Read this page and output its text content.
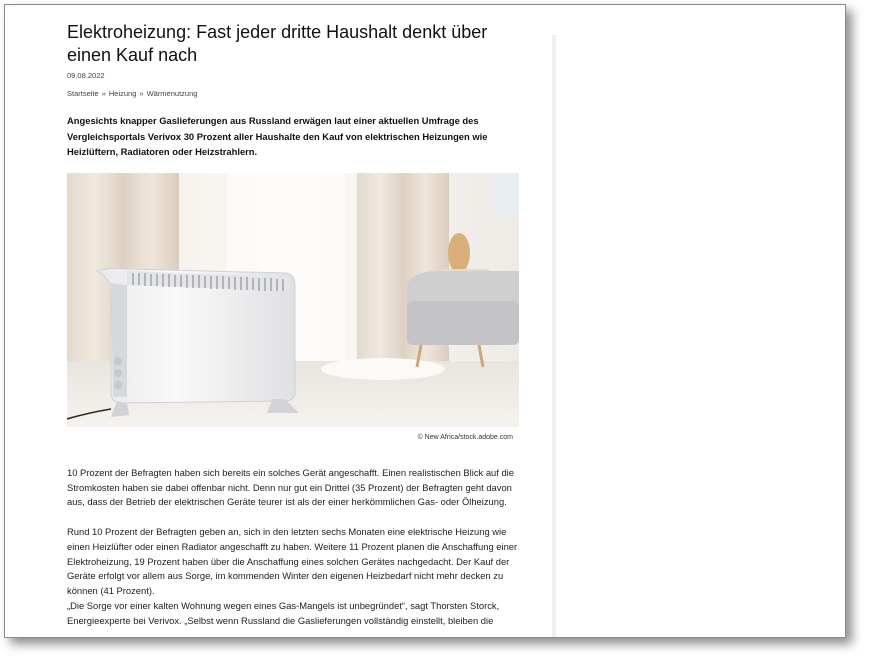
Elektroheizung: Fast jeder dritte Haushalt denkt über einen Kauf nach
09.08.2022
Startseite » Heizung » Wärmenutzung
Angesichts knapper Gaslieferungen aus Russland erwägen laut einer aktuellen Umfrage des Vergleichsportals Verivox 30 Prozent aller Haushalte den Kauf von elektrischen Heizungen wie Heizlüftern, Radiatoren oder Heizstrahlern.
© New Africa/stock.adobe.com

10 Prozent der Befragten haben sich bereits ein solches Gerät angeschafft. Einen realistischen Blick auf die Stromkosten haben sie dabei offenbar nicht. Denn nur gut ein Drittel (35 Prozent) der Befragten geht davon aus, dass der Betrieb der elektrischen Geräte teurer ist als der einer herkömmlichen Gas- oder Ölheizung.

Rund 10 Prozent der Befragten geben an, sich in den letzten sechs Monaten eine elektrische Heizung wie einen Heizlüfter oder einen Radiator angeschafft zu haben. Weitere 11 Prozent planen die Anschaffung einer Elektroheizung, 19 Prozent haben über die Anschaffung eines solchen Gerätes nachgedacht. Der Kauf der Geräte erfolgt vor allem aus Sorge, im kommenden Winter den eigenen Heizbedarf nicht mehr decken zu können (41 Prozent).

„Die Sorge vor einer kalten Wohnung wegen eines Gas-Mangels ist unbegründet“, sagt Thorsten Storck, Energieexperte bei Verivox. „Selbst wenn Russland die Gaslieferungen vollständig einstellt, bleiben die
